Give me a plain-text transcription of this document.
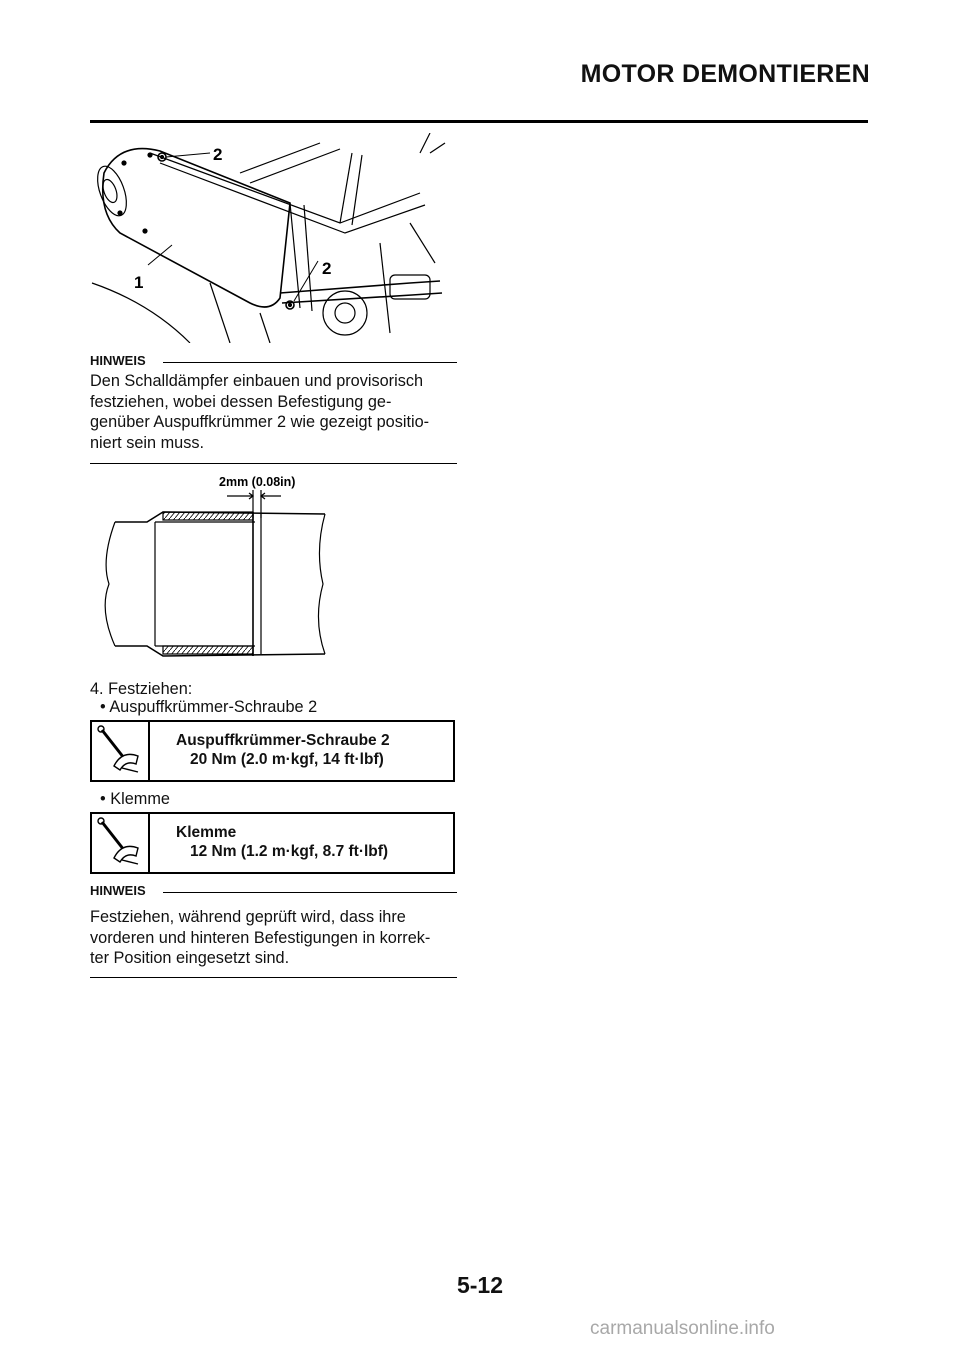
MOTOR DEMONTIEREN
2
1
2
HINWEIS
Den Schalldämpfer einbauen und provisorisch
festziehen, wobei dessen Befestigung ge-
genüber Auspuffkrümmer 2 wie gezeigt positio-
niert sein muss.
2mm (0.08in)
4. Festziehen:
• Auspuffkrümmer-Schraube 2
Auspuffkrümmer-Schraube 2
20 Nm (2.0 m·kgf, 14 ft·lbf)
• Klemme
Klemme
12 Nm (1.2 m·kgf, 8.7 ft·lbf)
HINWEIS
Festziehen, während geprüft wird, dass ihre
vorderen und hinteren Befestigungen in korrek-
ter Position eingesetzt sind.
5-12
carmanualsonline.info
